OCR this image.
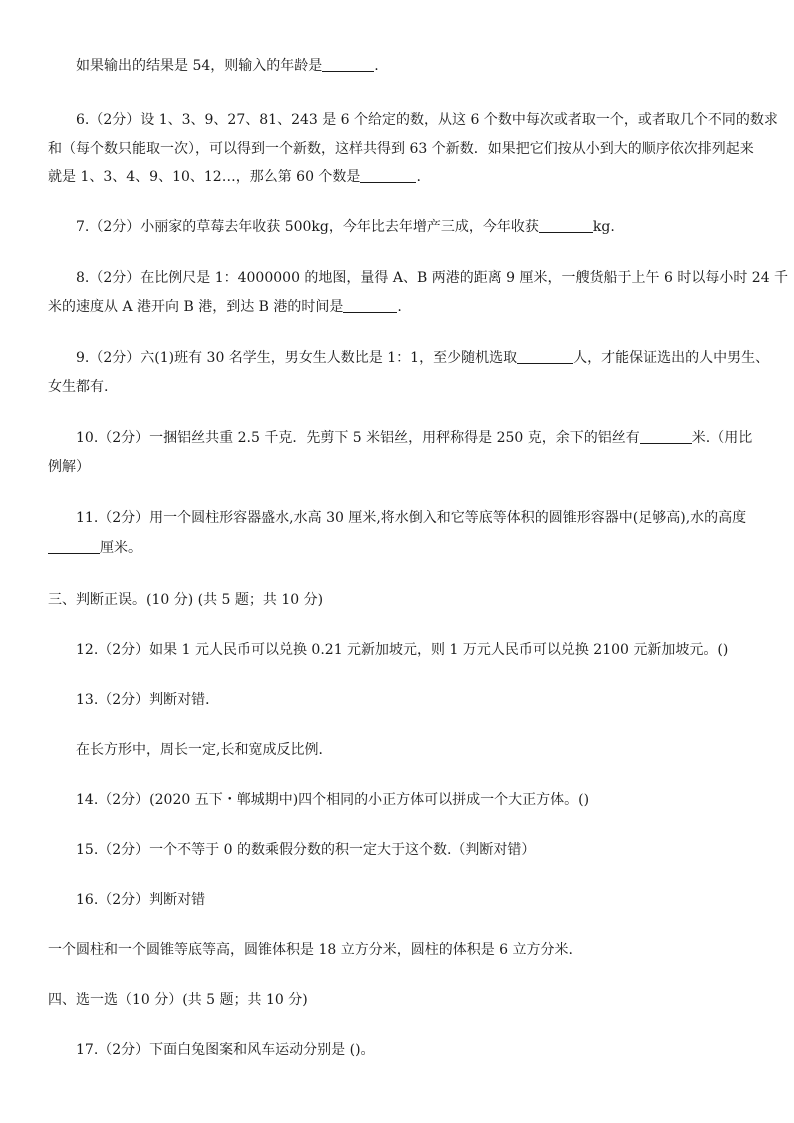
如果输出的结果是 54，则输入的年龄是	.
6.（2分）设 1、3、9、27、81、243 是 6 个给定的数，从这 6 个数中每次或者取一个，或者取几个不同的数求
和（每个数只能取一次），可以得到一个新数，这样共得到 63 个新数．如果把它们按从小到大的顺序依次排列起来
就是 1、3、4、9、10、12…，那么第 60 个数是	.
7.（2分）小丽家的草莓去年收获 500kg，今年比去年增产三成，今年收获	kg.
8.（2分）在比例尺是 1：4000000 的地图，量得 A、B 两港的距离 9 厘米，一艘货船于上午 6 时以每小时 24 千
米的速度从 A 港开向 B 港，到达 B 港的时间是	.
9.（2分）六(1)班有 30 名学生，男女生人数比是 1：1，至少随机选取	人，才能保证选出的人中男生、
女生都有.
10.（2分）一捆铝丝共重 2.5 千克．先剪下 5 米铝丝，用秤称得是 250 克，余下的铝丝有	米.（用比
例解）
11.（2分）用一个圆柱形容器盛水,水高 30 厘米,将水倒入和它等底等体积的圆锥形容器中(足够高),水的高度
厘米。
三、判断正误。(10 分) (共 5 题；共 10 分)
12.（2分）如果 1 元人民币可以兑换 0.21 元新加坡元，则 1 万元人民币可以兑换 2100 元新加坡元。()
13.（2分）判断对错．
在长方形中，周长一定,长和宽成反比例．
14.（2分）(2020 五下・郸城期中)四个相同的小正方体可以拼成一个大正方体。()
15.（2分）一个不等于 0 的数乘假分数的积一定大于这个数.（判断对错）
16.（2分）判断对错
一个圆柱和一个圆锥等底等高，圆锥体积是 18 立方分米，圆柱的体积是 6 立方分米.
四、选一选（10 分）(共 5 题；共 10 分)
17.（2分）下面白兔图案和风车运动分别是 ()。
